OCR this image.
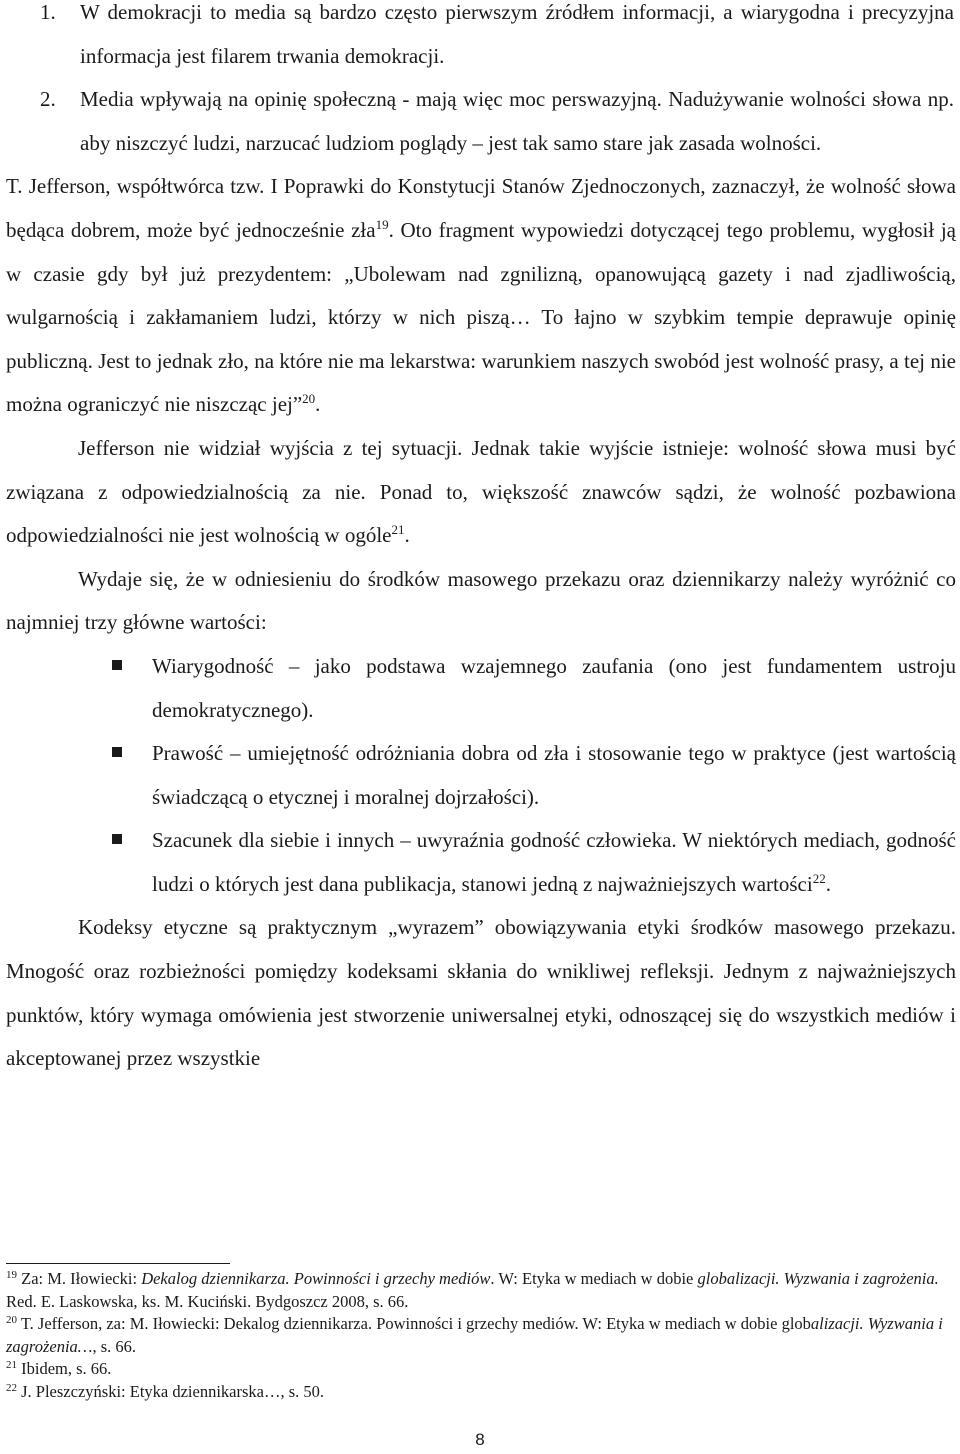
1. W demokracji to media są bardzo często pierwszym źródłem informacji, a wiarygodna i precyzyjna informacja jest filarem trwania demokracji.
2. Media wpływają na opinię społeczną - mają więc moc perswazyjną. Nadużywanie wolności słowa np. aby niszczyć ludzi, narzucać ludziom poglądy – jest tak samo stare jak zasada wolności.
T. Jefferson, współtwórca tzw. I Poprawki do Konstytucji Stanów Zjednoczonych, zaznaczył, że wolność słowa będąca dobrem, może być jednocześnie zła$^{19}$. Oto fragment wypowiedzi dotyczącej tego problemu, wygłosił ją w czasie gdy był już prezydentem: „Ubolewam nad zgnilizną, opanowującą gazety i nad zjadliwością, wulgarnością i zakłamaniem ludzi, którzy w nich piszą… To łajno w szybkim tempie deprawuje opinię publiczną. Jest to jednak zło, na które nie ma lekarstwa: warunkiem naszych swobód jest wolność prasy, a tej nie można ograniczyć nie niszcząc jej”$^{20}$.
Jefferson nie widział wyjścia z tej sytuacji. Jednak takie wyjście istnieje: wolność słowa musi być związana z odpowiedzialnością za nie. Ponad to, większość znawców sądzi, że wolność pozbawiona odpowiedzialności nie jest wolnością w ogóle$^{21}$.
Wydaje się, że w odniesieniu do środków masowego przekazu oraz dziennikarzy należy wyróżnić co najmniej trzy główne wartości:
Wiarygodność – jako podstawa wzajemnego zaufania (ono jest fundamentem ustroju demokratycznego).
Prawość – umiejętność odróżniania dobra od zła i stosowanie tego w praktyce (jest wartością świadczącą o etycznej i moralnej dojrzałości).
Szacunek dla siebie i innych – uwyraźnia godność człowieka. W niektórych mediach, godność ludzi o których jest dana publikacja, stanowi jedną z najważniejszych wartości$^{22}$.
Kodeksy etyczne są praktycznym „wyrazem” obowiązywania etyki środków masowego przekazu. Mnogość oraz rozbieżności pomiędzy kodeksami skłania do wnikliwej refleksji. Jednym z najważniejszych punktów, który wymaga omówienia jest stworzenie uniwersalnej etyki, odnoszącej się do wszystkich mediów i akceptowanej przez wszystkie
$^{19}$ Za: M. Iłowiecki: Dekalog dziennikarza. Powinności i grzechy mediów. W: Etyka w mediach w dobie globalizacji. Wyzwania i zagrożenia. Red. E. Laskowska, ks. M. Kuciński. Bydgoszcz 2008, s. 66.
$^{20}$ T. Jefferson, za: M. Iłowiecki: Dekalog dziennikarza. Powinności i grzechy mediów. W: Etyka w mediach w dobie globalizacji. Wyzwania i zagrożenia…, s. 66.
$^{21}$ Ibidem, s. 66.
$^{22}$ J. Pleszczyński: Etyka dziennikarska…, s. 50.
8
